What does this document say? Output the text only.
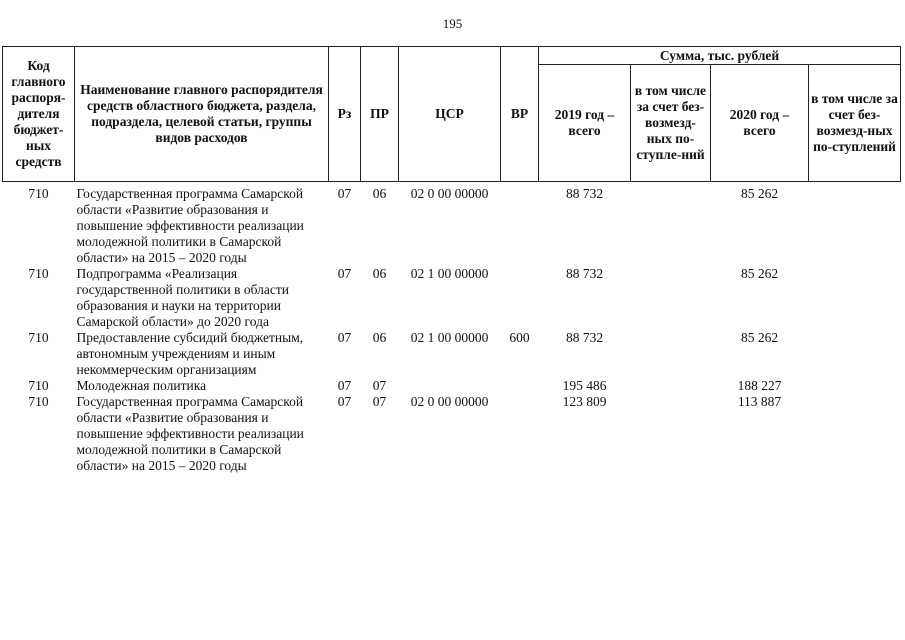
195
Код главного распоря-дителя бюджет-ных средств	Наименование главного распорядителя средств областного бюджета, раздела, подраздела, целевой статьи, группы видов расходов	Рз	ПР	ЦСР	ВР	Сумма, тыс. рублей			
						2019 год – всего	в том числе за счет без-возмезд-ных по-ступле-ний	2020 год – всего	в том числе за счет без-возмезд-ных по-ступлений

710	Государственная программа Самарской области «Развитие образования и повышение эффективности реализации молодежной политики в Самарской области» на 2015 – 2020 годы	07	06	02 0 00 00000		88 732		85 262	
710	Подпрограмма «Реализация государственной политики в области образования и науки на территории Самарской области» до 2020 года	07	06	02 1 00 00000		88 732		85 262	
710	Предоставление субсидий бюджетным, автономным учреждениям и иным некоммерческим организациям	07	06	02 1 00 00000	600	88 732		85 262	
710	Молодежная политика	07	07			195 486		188 227	
710	Государственная программа Самарской области «Развитие образования и повышение эффективности реализации молодежной политики в Самарской области» на 2015 – 2020 годы	07	07	02 0 00 00000		123 809		113 887	
